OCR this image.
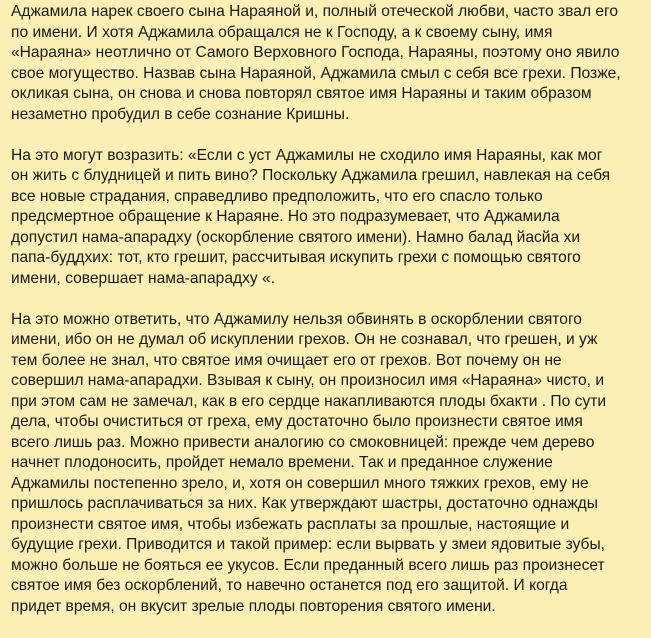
Аджамила нарек своего сына Нараяной и, полный отеческой любви, часто звал его
по имени. И хотя Аджамила обращался не к Господу, а к своему сыну, имя
«Нараяна» неотлично от Самого Верховного Господа, Нараяны, поэтому оно явило
свое могущество. Назвав сына Нараяной, Аджамила смыл с себя все грехи. Позже,
окликая сына, он снова и снова повторял святое имя Нараяны и таким образом
незаметно пробудил в себе сознание Кришны.

На это могут возразить: «Если с уст Аджамилы не сходило имя Нараяны, как мог
он жить с блудницей и пить вино? Поскольку Аджамила грешил, навлекая на себя
все новые страдания, справедливо предположить, что его спасло только
предсмертное обращение к Нараяне. Но это подразумевает, что Аджамила
допустил нама-апарадху (оскорбление святого имени). Намно балад йасйа хи
папа-буддхих: тот, кто грешит, рассчитывая искупить грехи с помощью святого
имени, совершает нама-апарадху «.

На это можно ответить, что Аджамилу нельзя обвинять в оскорблении святого
имени, ибо он не думал об искуплении грехов. Он не сознавал, что грешен, и уж
тем более не знал, что святое имя очищает его от грехов. Вот почему он не
совершил нама-апарадхи. Взывая к сыну, он произносил имя «Нараяна» чисто, и
при этом сам не замечал, как в его сердце накапливаются плоды бхакти . По сути
дела, чтобы очиститься от греха, ему достаточно было произнести святое имя
всего лишь раз. Можно привести аналогию со смоковницей: прежде чем дерево
начнет плодоносить, пройдет немало времени. Так и преданное служение
Аджамилы постепенно зрело, и, хотя он совершил много тяжких грехов, ему не
пришлось расплачиваться за них. Как утверждают шастры, достаточно однажды
произнести святое имя, чтобы избежать расплаты за прошлые, настоящие и
будущие грехи. Приводится и такой пример: если вырвать у змеи ядовитые зубы,
можно больше не бояться ее укусов. Если преданный всего лишь раз произнесет
святое имя без оскорблений, то навечно останется под его защитой. И когда
придет время, он вкусит зрелые плоды повторения святого имени.
